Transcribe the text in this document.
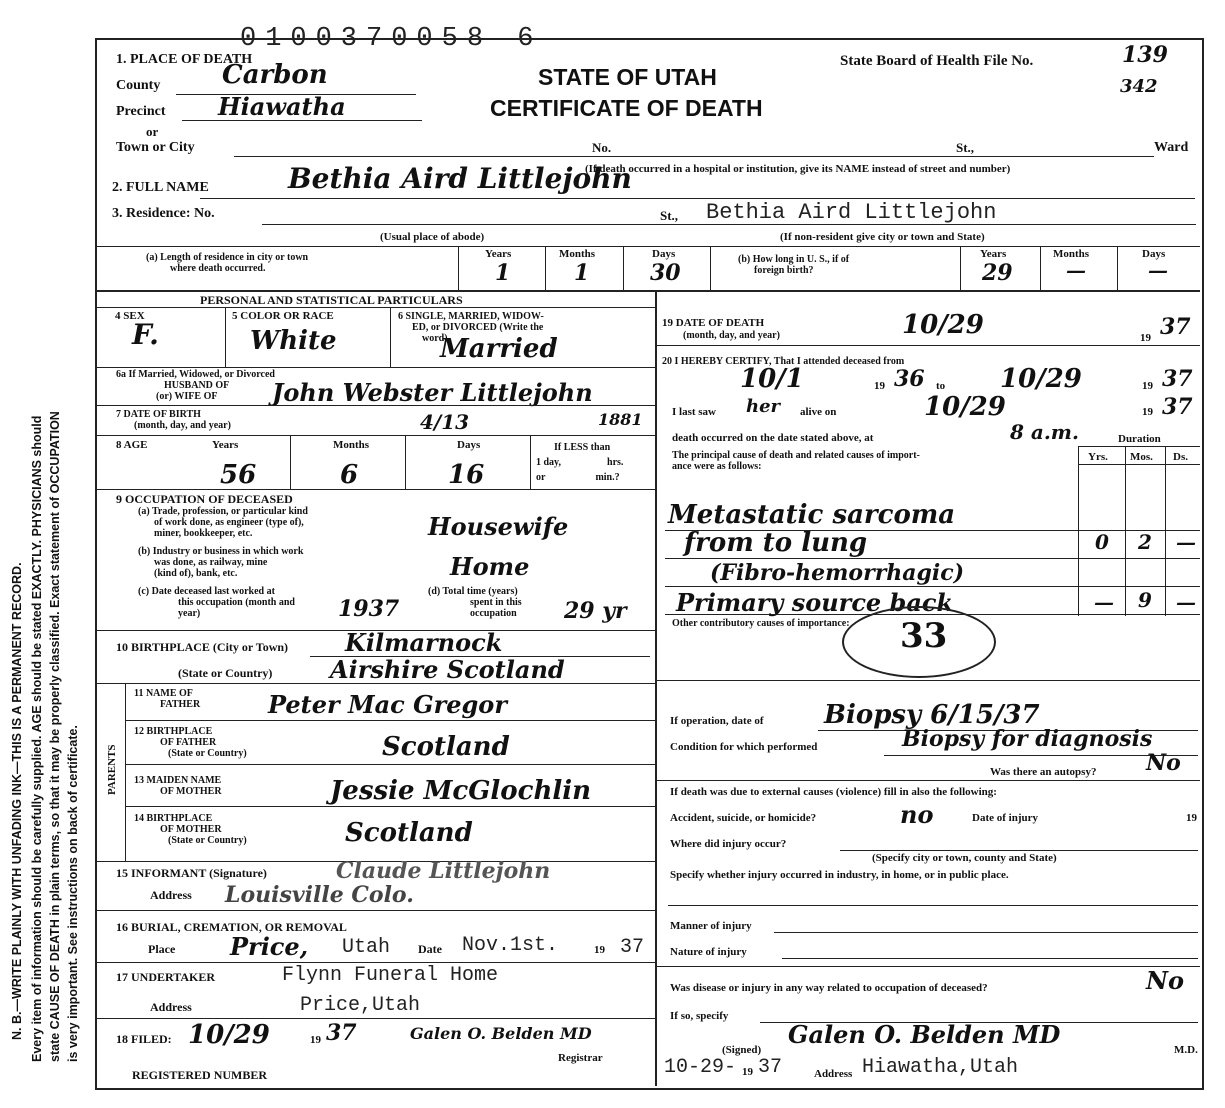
N. B.—WRITE PLAINLY WITH UNFADING INK—THIS IS A PERMANENT RECORD. Every item of information should be carefully supplied. AGE should be stated EXACTLY. PHYSICIANS should state CAUSE OF DEATH in plain terms, so that it may be properly classified. Exact statement of OCCUPATION is very important. See instructions on back of certificate.
0100370058 6
STATE OF UTAH
CERTIFICATE OF DEATH
State Board of Health File No.	139
342
1. PLACE OF DEATH
County Carbon
Precinct Hiawatha
or
Town or City	No.	St.,	Ward
(If death occurred in a hospital or institution, give its NAME instead of street and number)
2. FULL NAME	Bethia Aird Littlejohn
3. Residence: No.	St., Bethia Aird Littlejohn
(Usual place of abode)	(If non-resident give city or town and State)
(a) Length of residence in city or town
where death occurred.
Years	Months	Days
1	1	30
(b) How long in U. S., if of
foreign birth?
Years	Months	Days
29	—	—
PERSONAL AND STATISTICAL PARTICULARS
4 SEX
F.
5 COLOR OR RACE
White
6 SINGLE, MARRIED, WIDOW-
ED, or DIVORCED (Write the
word)
Married
6a If Married, Widowed, or Divorced
HUSBAND OF
(or) WIFE OF	John Webster Littlejohn
7 DATE OF BIRTH
(month, day, and year)	4/13	1881
8 AGE	Years	Months	Days	If LESS than
1 day,	hrs.
or	min.?
56	6	16
9 OCCUPATION OF DECEASED
(a) Trade, profession, or particular kind
of work done, as engineer (type of),
miner, bookkeeper, etc.	Housewife
(b) Industry or business in which work
was done, as railway, mine
(kind of), bank, etc.	Home
(c) Date deceased last worked at
this occupation (month and
year)	1937
(d) Total time (years)
spent in this
occupation 29 yr
10 BIRTHPLACE (City or Town) Kilmarnock
(State or Country) Airshire Scotland
PARENTS
11 NAME OF
FATHER	Peter Mac Gregor
12 BIRTHPLACE
OF FATHER
(State or Country)	Scotland
13 MAIDEN NAME
OF MOTHER	Jessie McGlochlin
14 BIRTHPLACE
OF MOTHER
(State or Country)	Scotland
15 INFORMANT (Signature)	Claude Littlejohn
Address Louisville Colo.
16 BURIAL, CREMATION, OR REMOVAL
Place Price, Utah Date Nov.1st.	19 37
17 UNDERTAKER	Flynn Funeral Home
Address	Price,Utah
18 FILED: 10/29	19 37	Galen O. Belden MD
Registrar
REGISTERED NUMBER
19 DATE OF DEATH
(month, day, and year)	10/29	19 37
20 I HEREBY CERTIFY, That I attended deceased from
10/1	19 36 to 10/29	19 37
I last saw her alive on	10/29	19 37
death occurred on the date stated above, at	8 a.m.	Duration
The principal cause of death and related causes of import-
ance were as follows:
Yrs. Mos. Ds.
Metastatic sarcoma
from to lung	0 2 —
(Fibro-hemorrhagic)
Primary source back	— 9 —
Other contributory causes of importance: 33
If operation, date of Biopsy 6/15/37
Condition for which performed	Biopsy for diagnosis
Was there an autopsy? No
If death was due to external causes (violence) fill in also the following:
Accident, suicide, or homicide?	no	Date of injury	19
Where did injury occur?
(Specify city or town, county and State)
Specify whether injury occurred in industry, in home, or in public place.
Manner of injury
Nature of injury
Was disease or injury in any way related to occupation of deceased?	No
If so, specify
(Signed)
Galen O. Belden MD
M.D.
10-29- 19 37	Address Hiawatha,Utah
